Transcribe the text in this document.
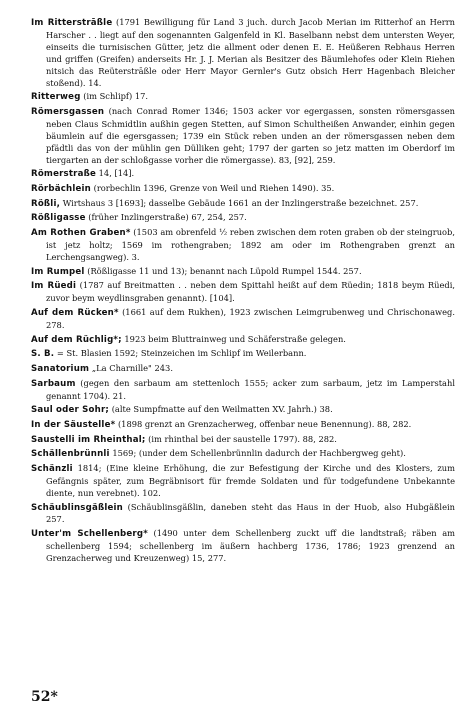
Im Ritterstrāßle (1791 Bewilligung für Land 3 juch. durch Jacob Merian im Ritterhof an Herrn Harscher . . liegt auf den sogenannten Galgenfeld in Kl. Baselbann nebst dem untersten Weyer, einseits die turnisischen Gütter, jetz die allment oder denen E. E. Heüßeren Rebhaus Herren und griffen (Greifen) anderseits Hr. J. J. Merian als Besitzer des Bäumlehofes oder Klein Riehen nitsich das Reüterstrāßle oder Herr Mayor Gernler's Gutz obsich Herr Hagenbach Bleicher stoßend). 14.

Ritterweg (im Schlipf) 17.

Römersgassen (nach Conrad Romer 1346; 1503 acker vor egergassen, sonsten römersgassen neben Claus Schmidtlin außhin gegen Stetten, auf Simon Schultheißen Anwander, einhin gegen bäumlein auf die egersgassen; 1739 ein Stück reben unden an der römersgassen neben dem pfädtli das von der mühlin gen Dülliken geht; 1797 der garten so jetz matten im Oberdorf im tiergarten an der schloßgasse vorher die römergasse). 83, [92], 259.

Römerstraße 14, [14].

Rörbächlein (rorbechlin 1396, Grenze von Weil und Riehen 1490). 35.

Rößli, Wirtshaus 3 [1693]; dasselbe Gebäude 1661 an der Inzlingerstraße bezeichnet. 257.

Rößligasse (früher Inzlingerstraße) 67, 254, 257.

Am Rothen Graben* (1503 am obrenfeld ½ reben zwischen dem roten graben ob der steingruob, ist jetz holtz; 1569 im rothengraben; 1892 am oder im Rothengraben grenzt an Lerchengsangweg). 3.

Im Rumpel (Rößligasse 11 und 13); benannt nach Lüpold Rumpel 1544. 257.

Im Rüedi (1787 auf Breitmatten . . neben dem Spittahl heißt auf dem Rüedin; 1818 beym Rüedi, zuvor beym weydlinsgraben genannt). [104].

Auf dem Rücken* (1661 auf dem Rukhen), 1923 zwischen Leimgrubenweg und Chrischonaweg. 278.

Auf dem Rüchlig*; 1923 beim Bluttrainweg und Schäferstraße gelegen.

S. B. = St. Blasien 1592; Steinzeichen im Schlipf im Weilerbann.

Sanatorium „La Charnille" 243.

Sarbaum (gegen den sarbaum am stettenloch 1555; acker zum sarbaum, jetz im Lamperstahl genannt 1704). 21.

Saul oder Sohr; (alte Sumpfmatte auf den Weilmatten XV. Jahrh.) 38.

In der Säustelle* (1898 grenzt an Grenzacherweg, offenbar neue Benennung). 88, 282.

Saustelli im Rheinthal; (im rhinthal bei der saustelle 1797). 88, 282.

Schällenbrünnli 1569; (under dem Schellenbrünnlin dadurch der Hachbergweg geht).

Schänzli 1814; (Eine kleine Erhöhung, die zur Befestigung der Kirche und des Klosters, zum Gefängnis später, zum Begräbnisort für fremde Soldaten und für todgefundene Unbekannte diente, nun verebnet). 102.

Schäublinsgäßlein (Schäublinsgäßlin, daneben steht das Haus in der Huob, also Hubgäßlein 257.

Unter'm Schellenberg* (1490 unter dem Schellenberg zuckt uff die landtstraß; räben am schellenberg 1594; schellenberg im äußern hachberg 1736, 1786; 1923 grenzend an Grenzacherweg und Kreuzenweg) 15, 277.

52*
